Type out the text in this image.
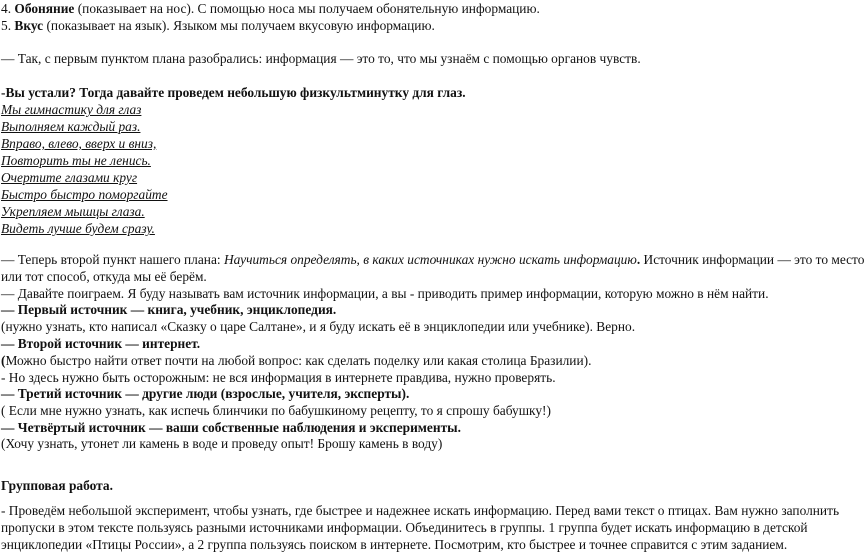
4. Обоняние (показывает на нос). С помощью носа мы получаем обонятельную информацию.
5. Вкус (показывает на язык). Языком мы получаем вкусовую информацию.
— Так, с первым пунктом плана разобрались: информация — это то, что мы узнаём с помощью органов чувств.
-Вы устали? Тогда давайте проведем небольшую физкультминутку для глаз.
Мы гимнастику для глаз
Выполняем каждый раз.
Вправо, влево, вверх и вниз,
Повторить ты не ленись.
Очертите глазами круг
Быстро быстро поморгайте
Укрепляем мышцы глаза.
Видеть лучше будем сразу.
— Теперь второй пункт нашего плана: Научиться определять, в каких источниках нужно искать информацию. Источник информации — это то место
или тот способ, откуда мы её берём.
— Давайте поиграем. Я буду называть вам источник информации, а вы - приводить пример информации, которую можно в нём найти.
— Первый источник — книга, учебник, энциклопедия.
(нужно узнать, кто написал «Сказку о царе Салтане», и я буду искать её в энциклопедии или учебнике). Верно.
— Второй источник — интернет.
(Можно быстро найти ответ почти на любой вопрос: как сделать поделку или какая столица Бразилии).
- Но здесь нужно быть осторожным: не вся информация в интернете правдива, нужно проверять.
— Третий источник — другие люди (взрослые, учителя, эксперты).
( Если мне нужно узнать, как испечь блинчики по бабушкиному рецепту, то я спрошу бабушку!)
— Четвёртый источник — ваши собственные наблюдения и эксперименты.
(Хочу узнать, утонет ли камень в воде и проведу опыт! Брошу камень в воду)
Групповая работа.
- Проведём небольшой эксперимент, чтобы узнать, где быстрее и надежнее искать информацию. Перед вами текст о птицах. Вам нужно заполнить
пропуски в этом тексте пользуясь разными источниками информации. Объединитесь в группы. 1 группа будет искать информацию в детской
энциклопедии «Птицы России», а 2 группа пользуясь поиском в интернете. Посмотрим, кто быстрее и точнее справится с этим заданием.
